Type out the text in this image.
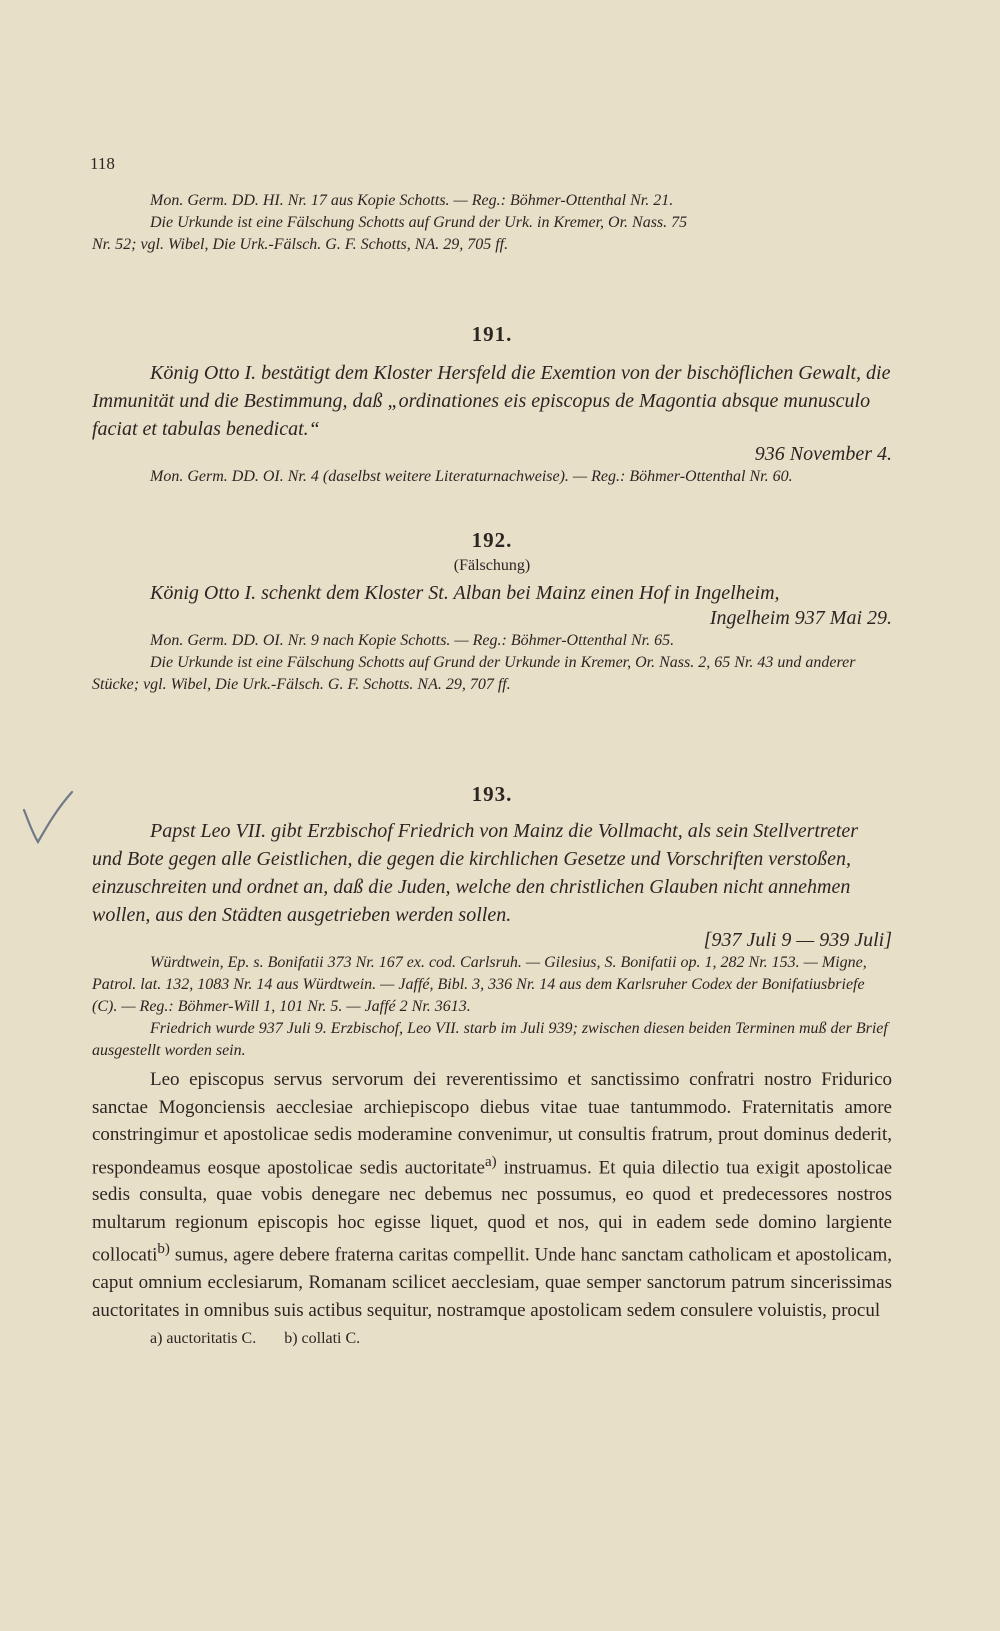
118

Mon. Germ. DD. HI. Nr. 17 aus Kopie Schotts. — Reg.: Böhmer-Ottenthal Nr. 21.

Die Urkunde ist eine Fälschung Schotts auf Grund der Urk. in Kremer, Or. Nass. 75

Nr. 52; vgl. Wibel, Die Urk.-Fälsch. G. F. Schotts, NA. 29, 705 ff.

191.

König Otto I. bestätigt dem Kloster Hersfeld die Exemtion von der bischöflichen Gewalt, die Immunität und die Bestimmung, daß „ordinationes eis episcopus de Magontia absque munusculo faciat et tabulas benedicat.“

936 November 4.

Mon. Germ. DD. OI. Nr. 4 (daselbst weitere Literaturnachweise). — Reg.: Böhmer-Ottenthal Nr. 60.

192.
(Fälschung)

König Otto I. schenkt dem Kloster St. Alban bei Mainz einen Hof in Ingelheim,

Ingelheim 937 Mai 29.

Mon. Germ. DD. OI. Nr. 9 nach Kopie Schotts. — Reg.: Böhmer-Ottenthal Nr. 65.

Die Urkunde ist eine Fälschung Schotts auf Grund der Urkunde in Kremer, Or. Nass. 2, 65 Nr. 43 und anderer Stücke; vgl. Wibel, Die Urk.-Fälsch. G. F. Schotts. NA. 29, 707 ff.

193.

Papst Leo VII. gibt Erzbischof Friedrich von Mainz die Vollmacht, als sein Stellvertreter und Bote gegen alle Geistlichen, die gegen die kirchlichen Gesetze und Vorschriften verstoßen, einzuschreiten und ordnet an, daß die Juden, welche den christlichen Glauben nicht annehmen wollen, aus den Städten ausgetrieben werden sollen.

[937 Juli 9 — 939 Juli]

Würdtwein, Ep. s. Bonifatii 373 Nr. 167 ex. cod. Carlsruh. — Gilesius, S. Bonifatii op. 1, 282 Nr. 153. — Migne, Patrol. lat. 132, 1083 Nr. 14 aus Würdtwein. — Jaffé, Bibl. 3, 336 Nr. 14 aus dem Karlsruher Codex der Bonifatiusbriefe (C). — Reg.: Böhmer-Will 1, 101 Nr. 5. — Jaffé 2 Nr. 3613.

Friedrich wurde 937 Juli 9. Erzbischof, Leo VII. starb im Juli 939; zwischen diesen beiden Terminen muß der Brief ausgestellt worden sein.

Leo episcopus servus servorum dei reverentissimo et sanctissimo confratri nostro Fridurico sanctae Mogonciensis aecclesiae archiepiscopo diebus vitae tuae tantummodo. Fraternitatis amore constringimur et apostolicae sedis moderamine convenimur, ut consultis fratrum, prout dominus dederit, respondeamus eosque apostolicae sedis auctoritate$^{a)}$ instruamus. Et quia dilectio tua exigit apostolicae sedis consulta, quae vobis denegare nec debemus nec possumus, eo quod et predecessores nostros multarum regionum episcopis hoc egisse liquet, quod et nos, qui in eadem sede domino largiente collocati$^{b)}$ sumus, agere debere fraterna caritas compellit. Unde hanc sanctam catholicam et apostolicam, caput omnium ecclesiarum, Romanam scilicet aecclesiam, quae semper sanctorum patrum sincerissimas auctoritates in omnibus suis actibus sequitur, nostramque apostolicam sedem consulere voluistis, procul

a) auctoritatis C. b) collati C.
